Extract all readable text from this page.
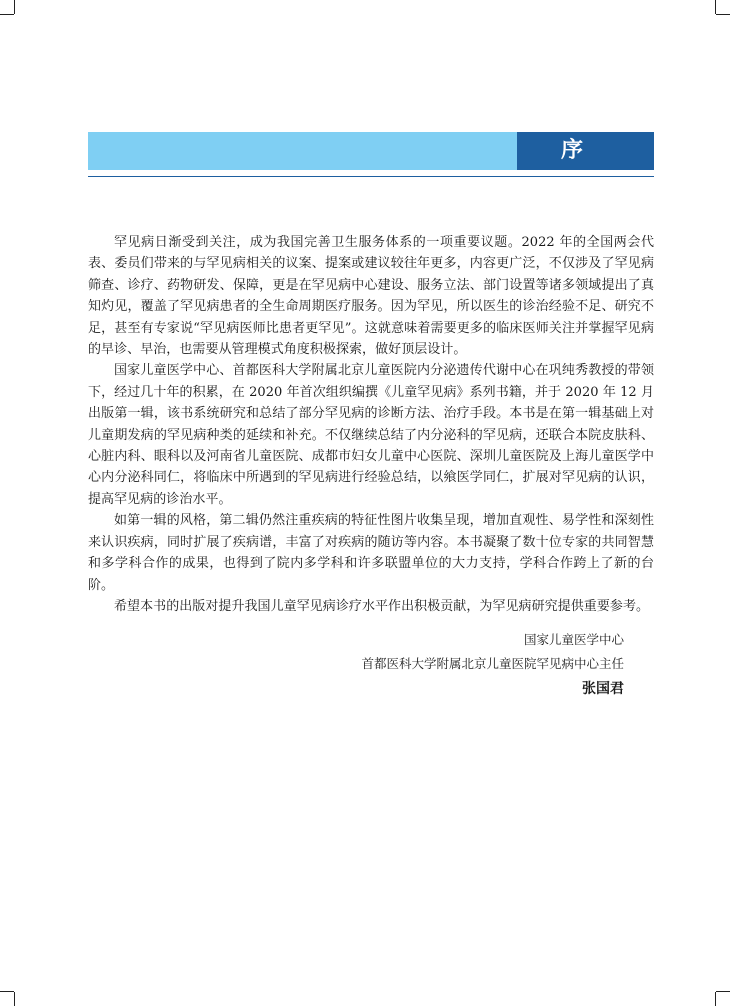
序

罕见病日渐受到关注，成为我国完善卫生服务体系的一项重要议题。2022 年的全国两会代表、委员们带来的与罕见病相关的议案、提案或建议较往年更多，内容更广泛，不仅涉及了罕见病筛查、诊疗、药物研发、保障，更是在罕见病中心建设、服务立法、部门设置等诸多领域提出了真知灼见，覆盖了罕见病患者的全生命周期医疗服务。因为罕见，所以医生的诊治经验不足、研究不足，甚至有专家说“罕见病医师比患者更罕见”。这就意味着需要更多的临床医师关注并掌握罕见病的早诊、早治，也需要从管理模式角度积极探索，做好顶层设计。

国家儿童医学中心、首都医科大学附属北京儿童医院内分泌遗传代谢中心在巩纯秀教授的带领下，经过几十年的积累，在 2020 年首次组织编撰《儿童罕见病》系列书籍，并于 2020 年 12 月出版第一辑，该书系统研究和总结了部分罕见病的诊断方法、治疗手段。本书是在第一辑基础上对儿童期发病的罕见病种类的延续和补充。不仅继续总结了内分泌科的罕见病，还联合本院皮肤科、心脏内科、眼科以及河南省儿童医院、成都市妇女儿童中心医院、深圳儿童医院及上海儿童医学中心内分泌科同仁，将临床中所遇到的罕见病进行经验总结，以飨医学同仁，扩展对罕见病的认识，提高罕见病的诊治水平。

如第一辑的风格，第二辑仍然注重疾病的特征性图片收集呈现，增加直观性、易学性和深刻性来认识疾病，同时扩展了疾病谱，丰富了对疾病的随访等内容。本书凝聚了数十位专家的共同智慧和多学科合作的成果，也得到了院内多学科和许多联盟单位的大力支持，学科合作跨上了新的台阶。

希望本书的出版对提升我国儿童罕见病诊疗水平作出积极贡献，为罕见病研究提供重要参考。

国家儿童医学中心
首都医科大学附属北京儿童医院罕见病中心主任
张国君
